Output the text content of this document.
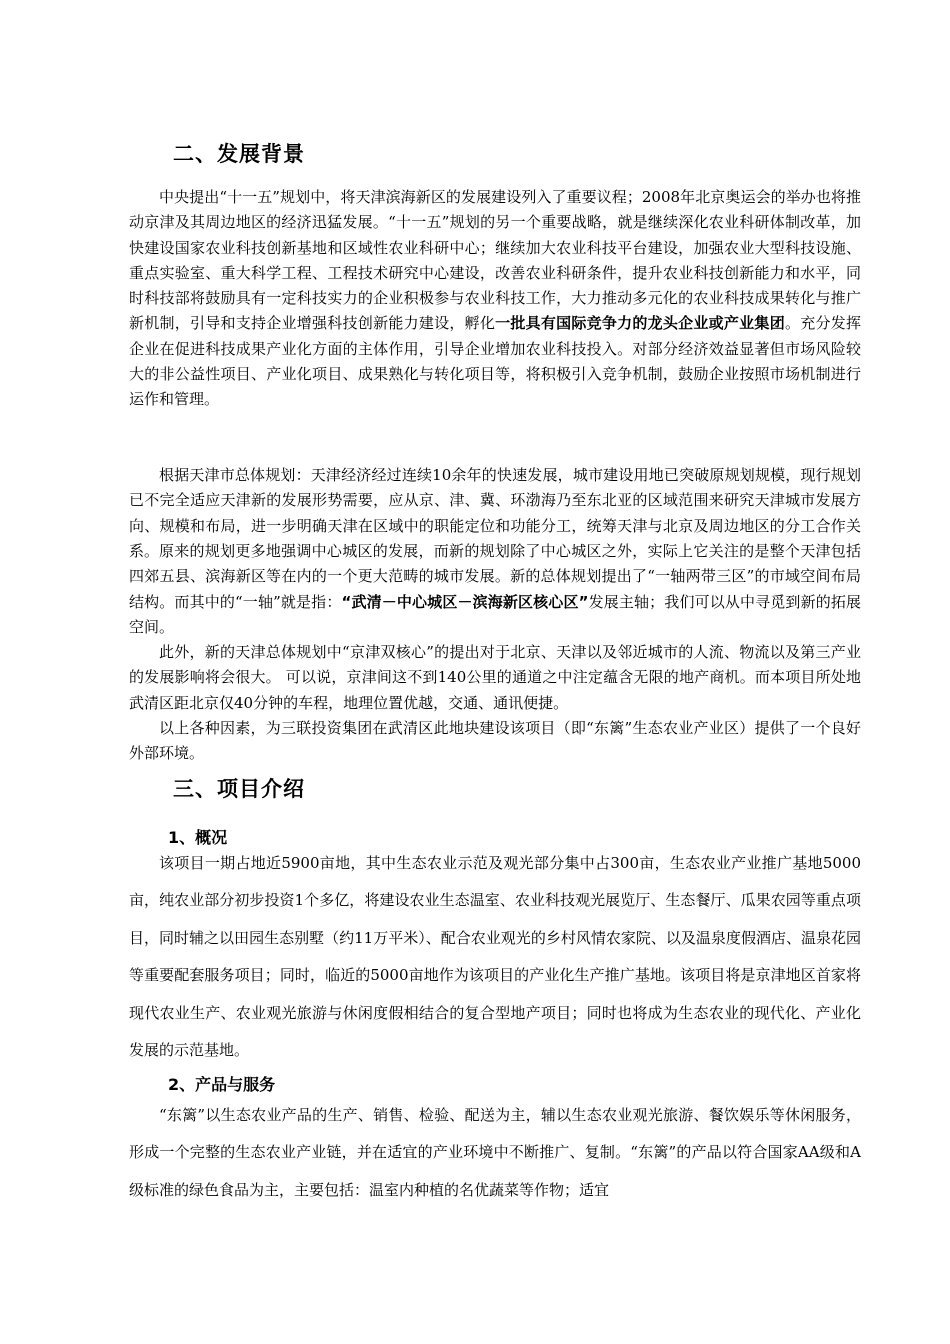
二、发展背景
中央提出“十一五”规划中，将天津滨海新区的发展建设列入了重要议程；2008年北京奥运会的举办也将推动京津及其周边地区的经济迅猛发展。“十一五”规划的另一个重要战略，就是继续深化农业科研体制改革，加快建设国家农业科技创新基地和区域性农业科研中心；继续加大农业科技平台建设，加强农业大型科技设施、重点实验室、重大科学工程、工程技术研究中心建设，改善农业科研条件，提升农业科技创新能力和水平，同时科技部将鼓励具有一定科技实力的企业积极参与农业科技工作，大力推动多元化的农业科技成果转化与推广新机制，引导和支持企业增强科技创新能力建设，孵化一批具有国际竞争力的龙头企业或产业集团。充分发挥企业在促进科技成果产业化方面的主体作用，引导企业增加农业科技投入。对部分经济效益显著但市场风险较大的非公益性项目、产业化项目、成果熟化与转化项目等，将积极引入竞争机制，鼓励企业按照市场机制进行运作和管理。
根据天津市总体规划：天津经济经过连续10余年的快速发展，城市建设用地已突破原规划规模，现行规划已不完全适应天津新的发展形势需要，应从京、津、冀、环渤海乃至东北亚的区域范围来研究天津城市发展方向、规模和布局，进一步明确天津在区域中的职能定位和功能分工，统筹天津与北京及周边地区的分工合作关系。 原来的规划更多地强调中心城区的发展，而新的规划除了中心城区之外，实际上它关注的是整个天津包括四郊五县、滨海新区等在内的一个更大范畴的城市发展。新的总体规划提出了“一轴两带三区”的市域空间布局结构。而其中的“一轴”就是指：“武清－中心城区－滨海新区核心区”发展主轴；我们可以从中寻觅到新的拓展空间。
此外，新的天津总体规划中“京津双核心”的提出对于北京、天津以及邻近城市的人流、物流以及第三产业的发展影响将会很大。 可以说，京津间这不到140公里的通道之中注定蕴含无限的地产商机。而本项目所处地武清区距北京仅40分钟的车程，地理位置优越，交通、通讯便捷。
以上各种因素，为三联投资集团在武清区此地块建设该项目（即“东篱”生态农业产业区）提供了一个良好外部环境。
三、项目介绍
1、概况
该项目一期占地近5900亩地，其中生态农业示范及观光部分集中占300亩，生态农业产业推广基地5000亩，纯农业部分初步投资1个多亿，将建设农业生态温室、农业科技观光展览厅、生态餐厅、瓜果农园等重点项目，同时辅之以田园生态别墅（约11万平米）、配合农业观光的乡村风情农家院、以及温泉度假酒店、温泉花园等重要配套服务项目；同时，临近的5000亩地作为该项目的产业化生产推广基地。该项目将是京津地区首家将现代农业生产、农业观光旅游与休闲度假相结合的复合型地产项目；同时也将成为生态农业的现代化、产业化发展的示范基地。
2、产品与服务
“东篱”以生态农业产品的生产、销售、检验、配送为主，辅以生态农业观光旅游、餐饮娱乐等休闲服务，形成一个完整的生态农业产业链，并在适宜的产业环境中不断推广、复制。“东篱”的产品以符合国家AA级和A级标准的绿色食品为主，主要包括：温室内种植的名优蔬菜等作物；适宜
